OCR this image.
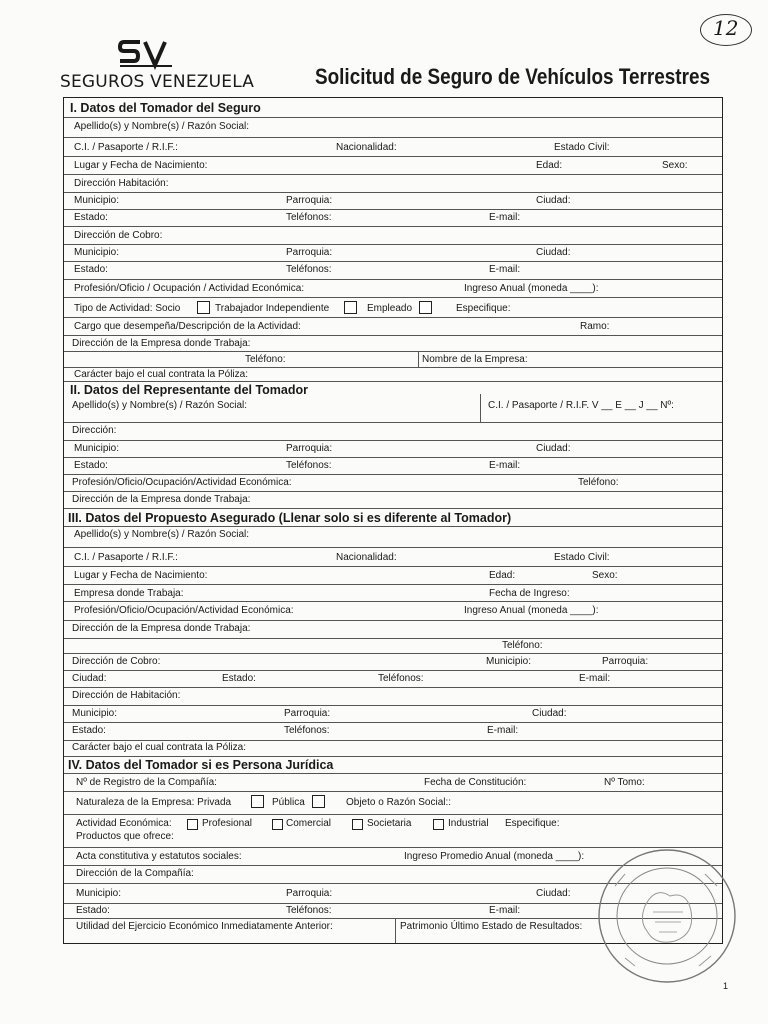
SEGUROS VENEZUELA	Solicitud de Seguro de Vehículos Terrestres
12
I. Datos del Tomador del Seguro
Apellido(s) y Nombre(s) / Razón Social:
C.I. / Pasaporte / R.I.F.:	Nacionalidad:	Estado Civil:
Lugar y Fecha de Nacimiento:	Edad:	Sexo:
Dirección Habitación:
Municipio:	Parroquia:	Ciudad:
Estado:	Teléfonos:	E-mail:
Dirección de Cobro:
Municipio:	Parroquia:	Ciudad:
Estado:	Teléfonos:	E-mail:
Profesión/Oficio / Ocupación / Actividad Económica:	Ingreso Anual (moneda ____):
Tipo de Actividad: Socio	Trabajador Independiente	Empleado	Especifique:
Cargo que desempeña/Descripción de la Actividad:	Ramo:
Dirección de la Empresa donde Trabaja:
Teléfono:	Nombre de la Empresa:
Carácter bajo el cual contrata la Póliza:
II. Datos del Representante del Tomador
Apellido(s) y Nombre(s) / Razón Social:	C.I. / Pasaporte / R.I.F. V __ E __ J __ Nº:
Dirección:
Municipio:	Parroquia:	Ciudad:
Estado:	Teléfonos:	E-mail:
Profesión/Oficio/Ocupación/Actividad Económica:	Teléfono:
Dirección de la Empresa donde Trabaja:
III. Datos del Propuesto Asegurado (Llenar solo si es diferente al Tomador)
Apellido(s) y Nombre(s) / Razón Social:
C.I. / Pasaporte / R.I.F.:	Nacionalidad:	Estado Civil:
Lugar y Fecha de Nacimiento:	Edad:	Sexo:
Empresa donde Trabaja:	Fecha de Ingreso:
Profesión/Oficio/Ocupación/Actividad Económica:	Ingreso Anual (moneda ____):
Dirección de la Empresa donde Trabaja:
Teléfono:
Dirección de Cobro:	Municipio:	Parroquia:
Ciudad:	Estado:	Teléfonos:	E-mail:
Dirección de Habitación:
Municipio:	Parroquia:	Ciudad:
Estado:	Teléfonos:	E-mail:
Carácter bajo el cual contrata la Póliza:
IV. Datos del Tomador si es Persona Jurídica
Nº de Registro de la Compañía:	Fecha de Constitución:	Nº Tomo:
Naturaleza de la Empresa: Privada	Pública	Objeto o Razón Social::
Actividad Económica:	Profesional	Comercial	Societaria	Industrial Especifique:
Productos que ofrece:
Acta constitutiva y estatutos sociales:	Ingreso Promedio Anual (moneda ____):
Dirección de la Compañía:
Municipio:	Parroquia:	Ciudad:
Estado:	Teléfonos:	E-mail:
Utilidad del Ejercicio Económico Inmediatamente Anterior:	Patrimonio Último Estado de Resultados:
1
